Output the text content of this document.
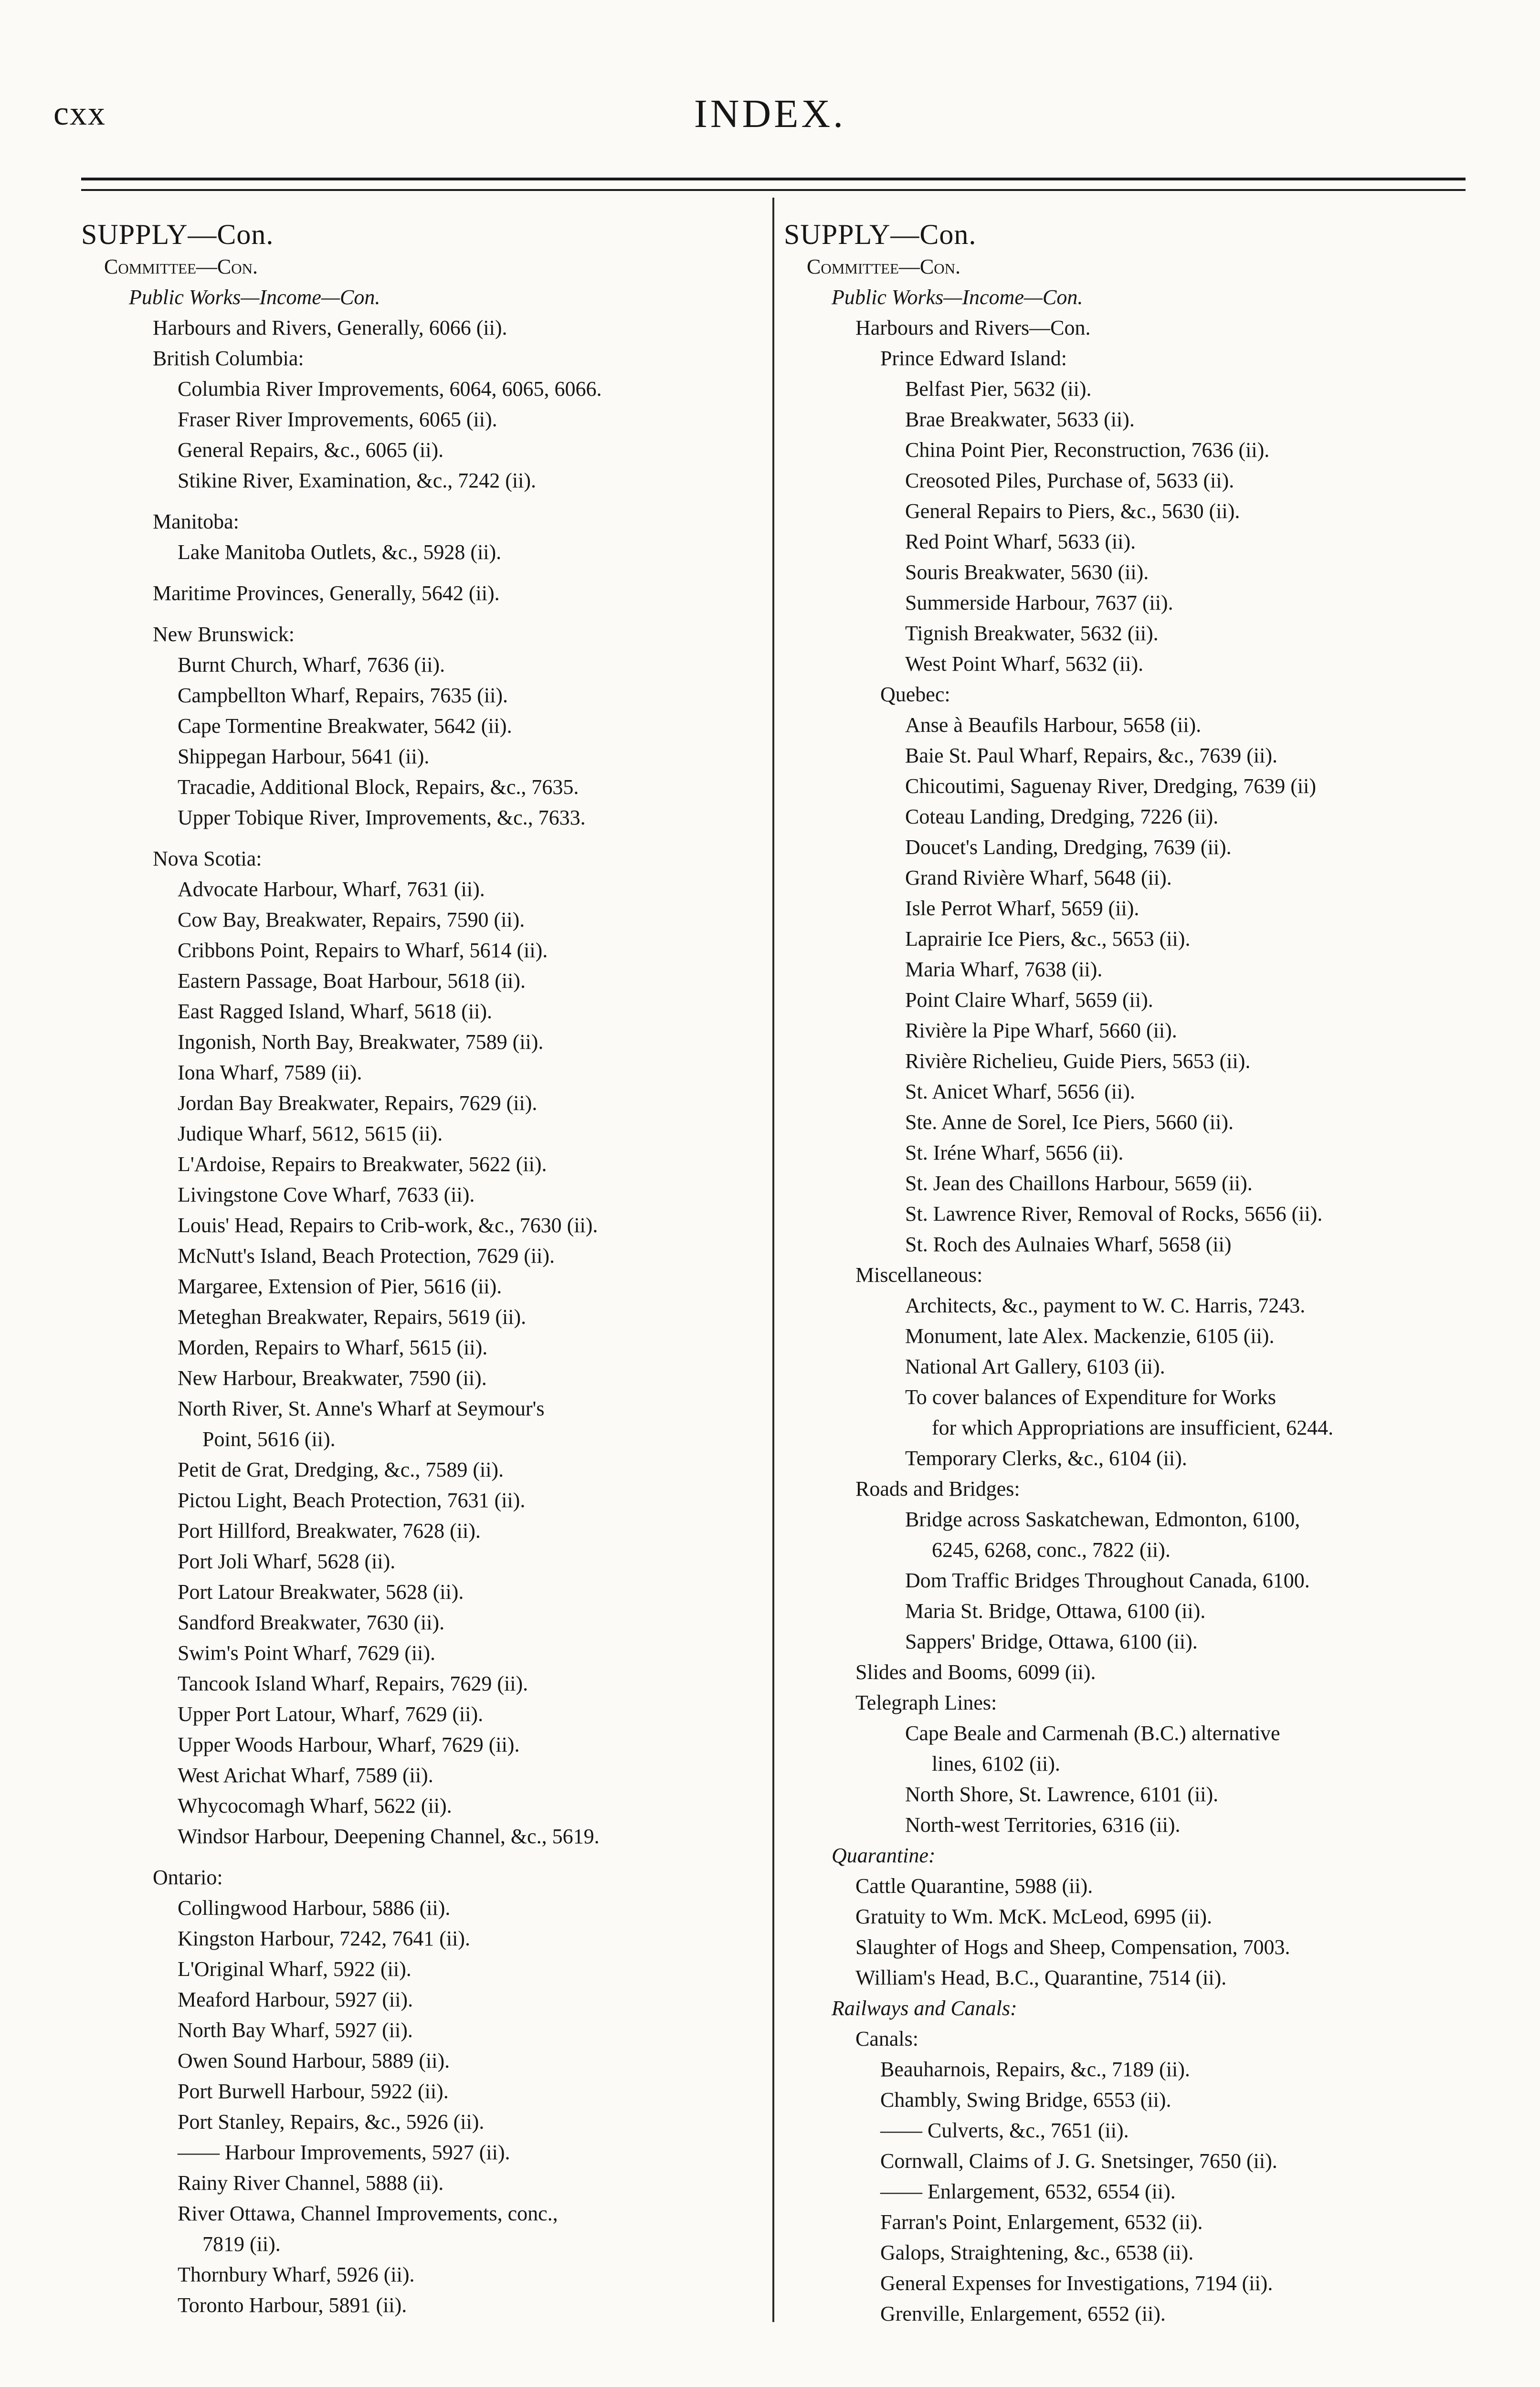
cxx	INDEX.
SUPPLY—Con.
Committee—Con.
Public Works—Income—Con.
Harbours and Rivers, Generally, 6066 (ii).
British Columbia:
Columbia River Improvements, 6064, 6065, 6066.
Fraser River Improvements, 6065 (ii).
General Repairs, &c., 6065 (ii).
Stikine River, Examination, &c., 7242 (ii).
Manitoba:
Lake Manitoba Outlets, &c., 5928 (ii).
Maritime Provinces, Generally, 5642 (ii).
New Brunswick:
Burnt Church, Wharf, 7636 (ii).
Campbellton Wharf, Repairs, 7635 (ii).
Cape Tormentine Breakwater, 5642 (ii).
Shippegan Harbour, 5641 (ii).
Tracadie, Additional Block, Repairs, &c., 7635.
Upper Tobique River, Improvements, &c., 7633.
Nova Scotia:
Advocate Harbour, Wharf, 7631 (ii).
Cow Bay, Breakwater, Repairs, 7590 (ii).
Cribbons Point, Repairs to Wharf, 5614 (ii).
Eastern Passage, Boat Harbour, 5618 (ii).
East Ragged Island, Wharf, 5618 (ii).
Ingonish, North Bay, Breakwater, 7589 (ii).
Iona Wharf, 7589 (ii).
Jordan Bay Breakwater, Repairs, 7629 (ii).
Judique Wharf, 5612, 5615 (ii).
L'Ardoise, Repairs to Breakwater, 5622 (ii).
Livingstone Cove Wharf, 7633 (ii).
Louis' Head, Repairs to Crib-work, &c., 7630 (ii).
McNutt's Island, Beach Protection, 7629 (ii).
Margaree, Extension of Pier, 5616 (ii).
Meteghan Breakwater, Repairs, 5619 (ii).
Morden, Repairs to Wharf, 5615 (ii).
New Harbour, Breakwater, 7590 (ii).
North River, St. Anne's Wharf at Seymour's
Point, 5616 (ii).
Petit de Grat, Dredging, &c., 7589 (ii).
Pictou Light, Beach Protection, 7631 (ii).
Port Hillford, Breakwater, 7628 (ii).
Port Joli Wharf, 5628 (ii).
Port Latour Breakwater, 5628 (ii).
Sandford Breakwater, 7630 (ii).
Swim's Point Wharf, 7629 (ii).
Tancook Island Wharf, Repairs, 7629 (ii).
Upper Port Latour, Wharf, 7629 (ii).
Upper Woods Harbour, Wharf, 7629 (ii).
West Arichat Wharf, 7589 (ii).
Whycocomagh Wharf, 5622 (ii).
Windsor Harbour, Deepening Channel, &c., 5619.
Ontario:
Collingwood Harbour, 5886 (ii).
Kingston Harbour, 7242, 7641 (ii).
L'Original Wharf, 5922 (ii).
Meaford Harbour, 5927 (ii).
North Bay Wharf, 5927 (ii).
Owen Sound Harbour, 5889 (ii).
Port Burwell Harbour, 5922 (ii).
Port Stanley, Repairs, &c., 5926 (ii).
—— Harbour Improvements, 5927 (ii).
Rainy River Channel, 5888 (ii).
River Ottawa, Channel Improvements, conc.,
7819 (ii).
Thornbury Wharf, 5926 (ii).
Toronto Harbour, 5891 (ii).
SUPPLY—Con.
Committee—Con.
Public Works—Income—Con.
Harbours and Rivers—Con.
Prince Edward Island:
Belfast Pier, 5632 (ii).
Brae Breakwater, 5633 (ii).
China Point Pier, Reconstruction, 7636 (ii).
Creosoted Piles, Purchase of, 5633 (ii).
General Repairs to Piers, &c., 5630 (ii).
Red Point Wharf, 5633 (ii).
Souris Breakwater, 5630 (ii).
Summerside Harbour, 7637 (ii).
Tignish Breakwater, 5632 (ii).
West Point Wharf, 5632 (ii).
Quebec:
Anse à Beaufils Harbour, 5658 (ii).
Baie St. Paul Wharf, Repairs, &c., 7639 (ii).
Chicoutimi, Saguenay River, Dredging, 7639 (ii)
Coteau Landing, Dredging, 7226 (ii).
Doucet's Landing, Dredging, 7639 (ii).
Grand Rivière Wharf, 5648 (ii).
Isle Perrot Wharf, 5659 (ii).
Laprairie Ice Piers, &c., 5653 (ii).
Maria Wharf, 7638 (ii).
Point Claire Wharf, 5659 (ii).
Rivière la Pipe Wharf, 5660 (ii).
Rivière Richelieu, Guide Piers, 5653 (ii).
St. Anicet Wharf, 5656 (ii).
Ste. Anne de Sorel, Ice Piers, 5660 (ii).
St. Iréne Wharf, 5656 (ii).
St. Jean des Chaillons Harbour, 5659 (ii).
St. Lawrence River, Removal of Rocks, 5656 (ii).
St. Roch des Aulnaies Wharf, 5658 (ii)
Miscellaneous:
Architects, &c., payment to W. C. Harris, 7243.
Monument, late Alex. Mackenzie, 6105 (ii).
National Art Gallery, 6103 (ii).
To cover balances of Expenditure for Works
for which Appropriations are insufficient, 6244.
Temporary Clerks, &c., 6104 (ii).
Roads and Bridges:
Bridge across Saskatchewan, Edmonton, 6100,
6245, 6268, conc., 7822 (ii).
Dom Traffic Bridges Throughout Canada, 6100.
Maria St. Bridge, Ottawa, 6100 (ii).
Sappers' Bridge, Ottawa, 6100 (ii).
Slides and Booms, 6099 (ii).
Telegraph Lines:
Cape Beale and Carmenah (B.C.) alternative
lines, 6102 (ii).
North Shore, St. Lawrence, 6101 (ii).
North-west Territories, 6316 (ii).
Quarantine:
Cattle Quarantine, 5988 (ii).
Gratuity to Wm. McK. McLeod, 6995 (ii).
Slaughter of Hogs and Sheep, Compensation, 7003.
William's Head, B.C., Quarantine, 7514 (ii).
Railways and Canals:
Canals:
Beauharnois, Repairs, &c., 7189 (ii).
Chambly, Swing Bridge, 6553 (ii).
—— Culverts, &c., 7651 (ii).
Cornwall, Claims of J. G. Snetsinger, 7650 (ii).
—— Enlargement, 6532, 6554 (ii).
Farran's Point, Enlargement, 6532 (ii).
Galops, Straightening, &c., 6538 (ii).
General Expenses for Investigations, 7194 (ii).
Grenville, Enlargement, 6552 (ii).
